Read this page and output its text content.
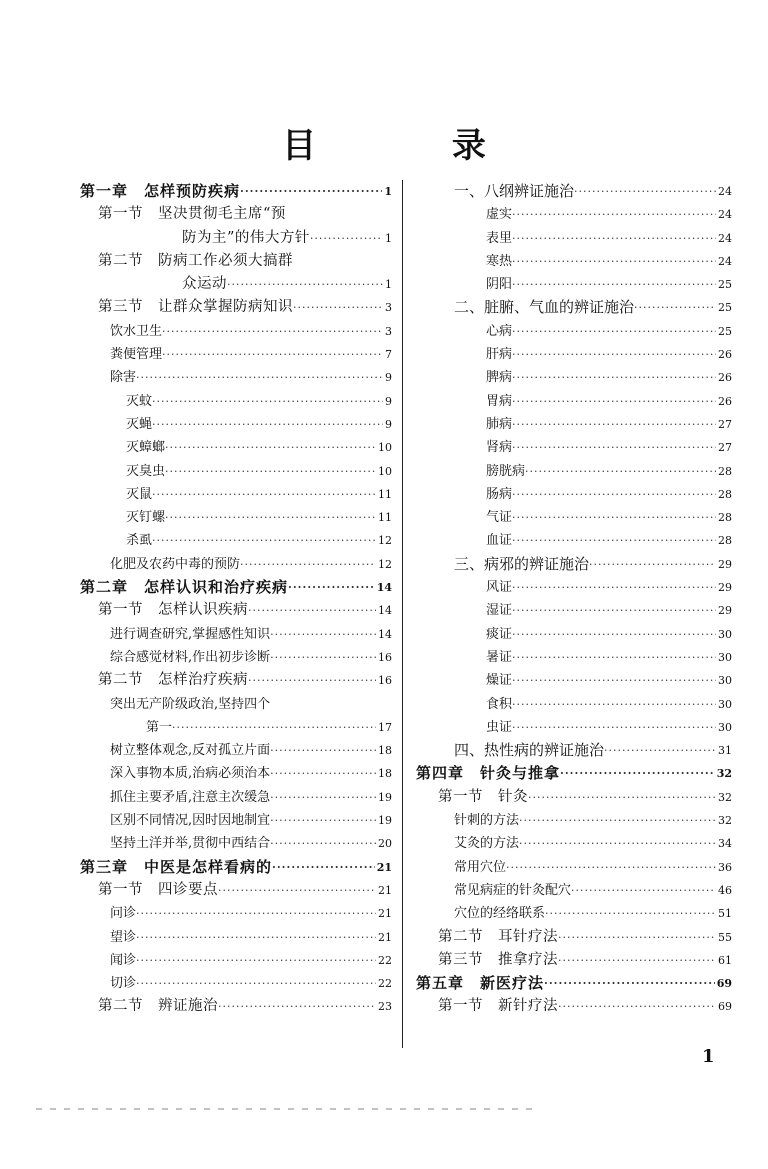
目 录
第一章　怎样预防疾病 ·····	1
第一节　坚决贯彻毛主席“预
防为主”的伟大方针 ·····	1
第二节　防病工作必须大搞群
众运动 ·····	1
第三节　让群众掌握防病知识 ·····	3
饮水卫生 ·····	3
粪便管理 ·····	7
除害 ·····	9
灭蚊 ·····	9
灭蝇 ·····	9
灭蟑螂 ·····	10
灭臭虫 ·····	10
灭鼠 ·····	11
灭钉螺 ·····	11
杀虱 ·····	12
化肥及农药中毒的预防 ·····	12
第二章　怎样认识和治疗疾病 ·····	14
第一节　怎样认识疾病 ·····	14
进行调查研究,掌握感性知识 ·····	14
综合感觉材料,作出初步诊断 ·····	16
第二节　怎样治疗疾病 ·····	16
突出无产阶级政治,坚持四个
第一 ·····	17
树立整体观念,反对孤立片面 ·····	18
深入事物本质,治病必须治本 ·····	18
抓住主要矛盾,注意主次缓急 ·····	19
区别不同情况,因时因地制宜 ·····	19
坚持土洋并举,贯彻中西结合 ·····	20
第三章　中医是怎样看病的 ·····	21
第一节　四诊要点 ·····	21
问诊 ·····	21
望诊 ·····	21
闻诊 ·····	22
切诊 ·····	22
第二节　辨证施治 ·····	23
一、八纲辨证施治 ·····	24
虚实 ·····	24
表里 ·····	24
寒热 ·····	24
阴阳 ·····	25
二、脏腑、气血的辨证施治 ·····	25
心病 ·····	25
肝病 ·····	26
脾病 ·····	26
胃病 ·····	26
肺病 ·····	27
肾病 ·····	27
膀胱病 ·····	28
肠病 ·····	28
气证 ·····	28
血证 ·····	28
三、病邪的辨证施治 ·····	29
风证 ·····	29
湿证 ·····	29
痰证 ·····	30
暑证 ·····	30
燥证 ·····	30
食积 ·····	30
虫证 ·····	30
四、热性病的辨证施治 ·····	31
第四章　针灸与推拿 ·····	32
第一节　针灸 ·····	32
针刺的方法 ·····	32
艾灸的方法 ·····	34
常用穴位 ·····	36
常见病症的针灸配穴 ·····	46
穴位的经络联系 ·····	51
第二节　耳针疗法 ·····	55
第三节　推拿疗法 ·····	61
第五章　新医疗法 ·····	69
第一节　新针疗法 ·····	69
1
